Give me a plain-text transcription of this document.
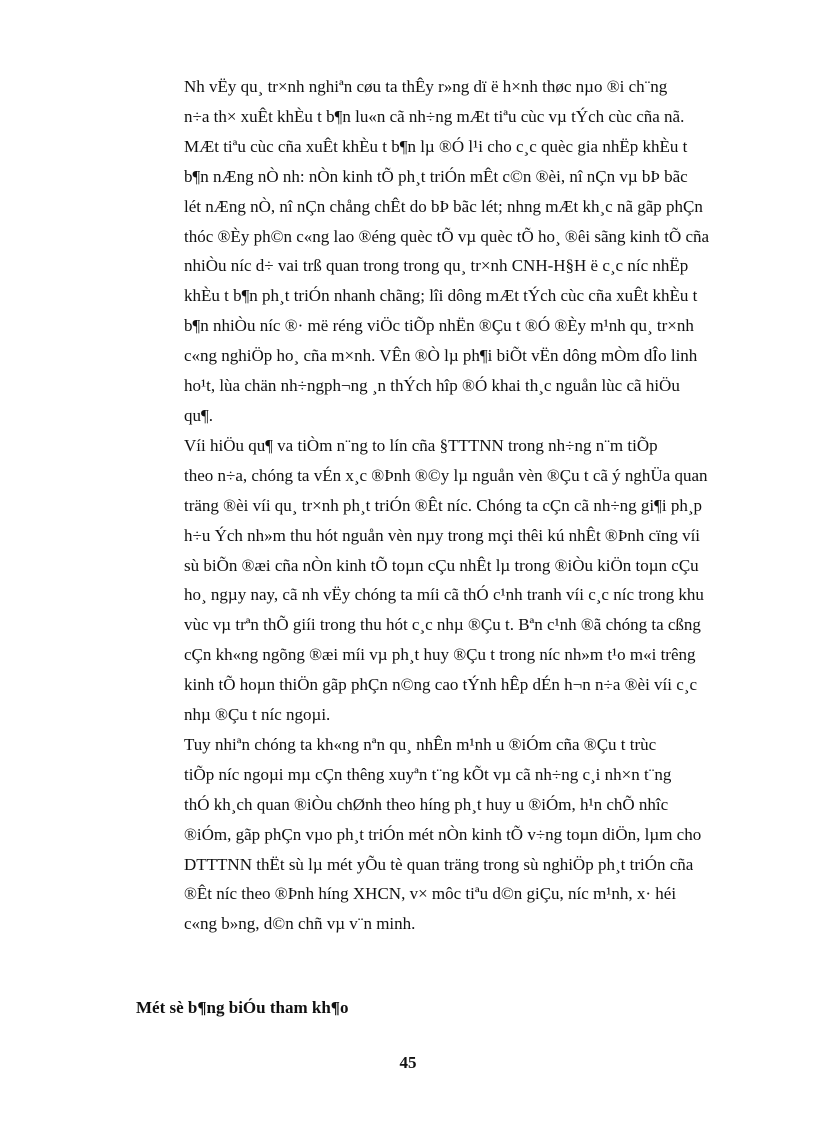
Nh vËy qu¸ tr×nh nghiªn cøu ta thÊy r»ng dï ë h×nh thøc nµo ®i ch¨ng
n÷a th× xuÊt khÈu t b¶n lu«n cã nh÷ng mÆt tiªu cùc vµ tÝch cùc cña nã.
MÆt tiªu cùc cña xuÊt khÈu t b¶n lµ ®Ó l¹i cho c¸c quèc gia nhËp khÈu t
b¶n nÆng nÒ nh: nÒn kinh tÕ ph¸t triÓn mÊt c©n ®èi, nî nÇn vµ bÞ bãc
lét nÆng nÒ, nî nÇn chång chÊt do bÞ bãc lét; nhng mÆt kh¸c nã gãp phÇn
thóc ®Èy ph©n c«ng lao ®éng quèc tÕ vµ quèc tÕ ho¸ ®êi sãng kinh tÕ cña
nhiÒu níc d÷ vai trß quan trong trong qu¸ tr×nh CNH-H§H ë c¸c níc nhËp
khÈu t b¶n ph¸t triÓn nhanh chãng; lîi dông mÆt tÝch cùc cña xuÊt khÈu t
b¶n nhiÒu níc ®· më réng viÖc tiÕp nhËn ®Çu t ®Ó ®Èy m¹nh qu¸ tr×nh
c«ng nghiÖp ho¸ cña m×nh. VÊn ®Ò lµ ph¶i biÕt vËn dông mÒm dÎo linh
ho¹t, lùa chän nh÷ngph¬ng ¸n thÝch hîp ®Ó khai th¸c nguån lùc cã hiÖu
qu¶.

Víi hiÖu qu¶ va tiÒm n¨ng to lín cña §TTTNN trong nh÷ng n¨m tiÕp
theo n÷a, chóng ta vÉn x¸c ®Þnh ®©y lµ nguån vèn ®Çu t cã ý nghÜa quan
träng ®èi víi qu¸ tr×nh ph¸t triÓn ®Êt níc. Chóng ta cÇn cã nh÷ng gi¶i ph¸p
h÷u Ých nh»m thu hót nguån vèn nµy trong mçi thêi kú nhÊt ®Þnh cïng víi
sù biÕn ®æi cña nÒn kinh tÕ toµn cÇu nhÊt lµ trong ®iÒu kiÖn toµn cÇu
ho¸ ngµy nay, cã nh vËy chóng ta míi cã thÓ c¹nh tranh víi c¸c níc trong khu
vùc vµ trªn thÕ giíi trong thu hót c¸c nhµ ®Çu t. Bªn c¹nh ®ã chóng ta cßng
cÇn kh«ng ngõng ®æi míi vµ ph¸t huy ®Çu t trong níc nh»m t¹o m«i trêng
kinh tÕ hoµn thiÖn gãp phÇn n©ng cao tÝnh hÊp dÉn h¬n n÷a ®èi víi c¸c
nhµ ®Çu t níc ngoµi.

Tuy nhiªn chóng ta kh«ng nªn qu¸ nhÊn m¹nh u ®iÓm cña ®Çu t trùc
tiÕp níc ngoµi mµ cÇn thêng xuyªn t¨ng kÕt vµ cã nh÷ng c¸i nh×n t¨ng
thÓ kh¸ch quan ®iÒu chØnh theo híng ph¸t huy u ®iÓm, h¹n chÕ nhîc
®iÓm, gãp phÇn vµo ph¸t triÓn mét nÒn kinh tÕ v÷ng toµn diÖn, lµm cho
DTTTNN thËt sù lµ mét yÕu tè quan träng trong sù nghiÖp ph¸t triÓn cña
®Êt níc theo ®Þnh híng XHCN, v× môc tiªu d©n giÇu, níc m¹nh, x· héi
c«ng b»ng, d©n chñ vµ v¨n minh.

Mét sè b¶ng biÓu tham kh¶o

45
